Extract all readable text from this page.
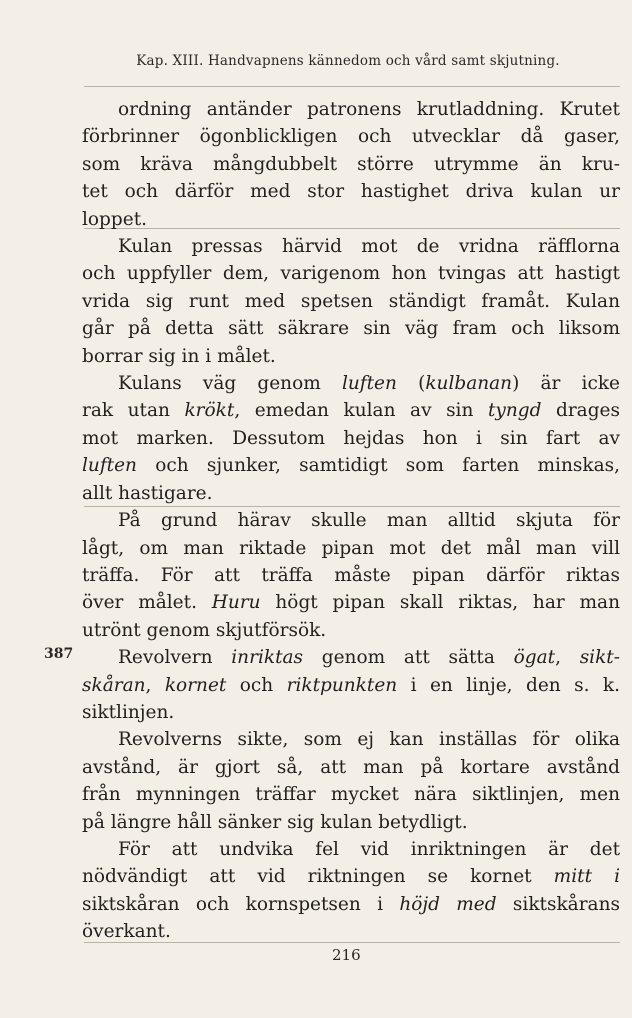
Kap. XIII. Handvapnens kännedom och vård samt skjutning.

ordning antänder patronens krutladdning. Krutet

förbrinner ögonblickligen och utvecklar då gaser,

som kräva mångdubbelt större utrymme än kru-

tet och därför med stor hastighet driva kulan ur

loppet.

Kulan pressas härvid mot de vridna räfflorna

och uppfyller dem, varigenom hon tvingas att hastigt

vrida sig runt med spetsen ständigt framåt. Kulan

går på detta sätt säkrare sin väg fram och liksom

borrar sig in i målet.

Kulans väg genom luften (kulbanan) är icke

rak utan krökt, emedan kulan av sin tyngd drages

mot marken. Dessutom hejdas hon i sin fart av

luften och sjunker, samtidigt som farten minskas,

allt hastigare.

På grund härav skulle man alltid skjuta för

lågt, om man riktade pipan mot det mål man vill

träffa. För att träffa måste pipan därför riktas

över målet. Huru högt pipan skall riktas, har man

utrönt genom skjutförsök.

Revolvern inriktas genom att sätta ögat, sikt-

skåran, kornet och riktpunkten i en linje, den s. k.

siktlinjen.

Revolverns sikte, som ej kan inställas för olika

avstånd, är gjort så, att man på kortare avstånd

från mynningen träffar mycket nära siktlinjen, men

på längre håll sänker sig kulan betydligt.

För att undvika fel vid inriktningen är det

nödvändigt att vid riktningen se kornet mitt i

siktskåran och kornspetsen i höjd med siktskårans

överkant.

387
216
